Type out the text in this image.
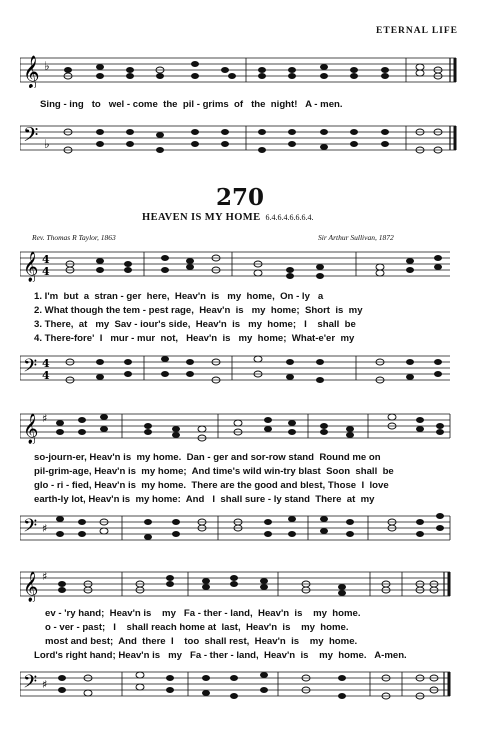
ETERNAL LIFE
𝄞 ♭
Sing - ing   to   wel - come  the  pil - grims  of   the  night!   A - men.
𝄢 ♭
270
HEAVEN IS MY HOME 6.4.6.4.6.6.6.4.
Rev. Thomas R Taylor, 1863	Sir Arthur Sullivan, 1872
𝄞 4
4
1. I'm  but  a  stran - ger  here,  Heav'n  is   my  home,  On - ly   a
2. What though the tem - pest rage,  Heav'n  is   my  home;  Short  is  my
3. There,  at   my  Sav - iour's side,  Heav'n  is   my  home;   I    shall  be
4. There-fore'  I   mur - mur  not,   Heav'n  is   my  home;  What-e'er  my
𝄢 4
4
𝄞 ♯
so-journ-er, Heav'n is  my home.  Dan - ger and sor-row stand  Round me on
pil-grim-age, Heav'n is  my home;  And time's wild win-try blast  Soon  shall  be
glo - ri - fied, Heav'n is  my home.  There are the good and blest, Those  I  love
earth-ly lot, Heav'n is  my home:  And   I  shall sure - ly stand  There  at  my
𝄢 ♯
𝄞 ♯
ev - 'ry hand;  Heav'n is    my   Fa - ther - land,  Heav'n  is    my  home.
o - ver - past;   I    shall reach home at  last,  Heav'n  is    my  home.
most and best;  And  there  I    too  shall rest,  Heav'n  is    my  home.
Lord's right hand; Heav'n is   my   Fa - ther - land,  Heav'n  is    my  home.   A-men.
𝄢 ♯
